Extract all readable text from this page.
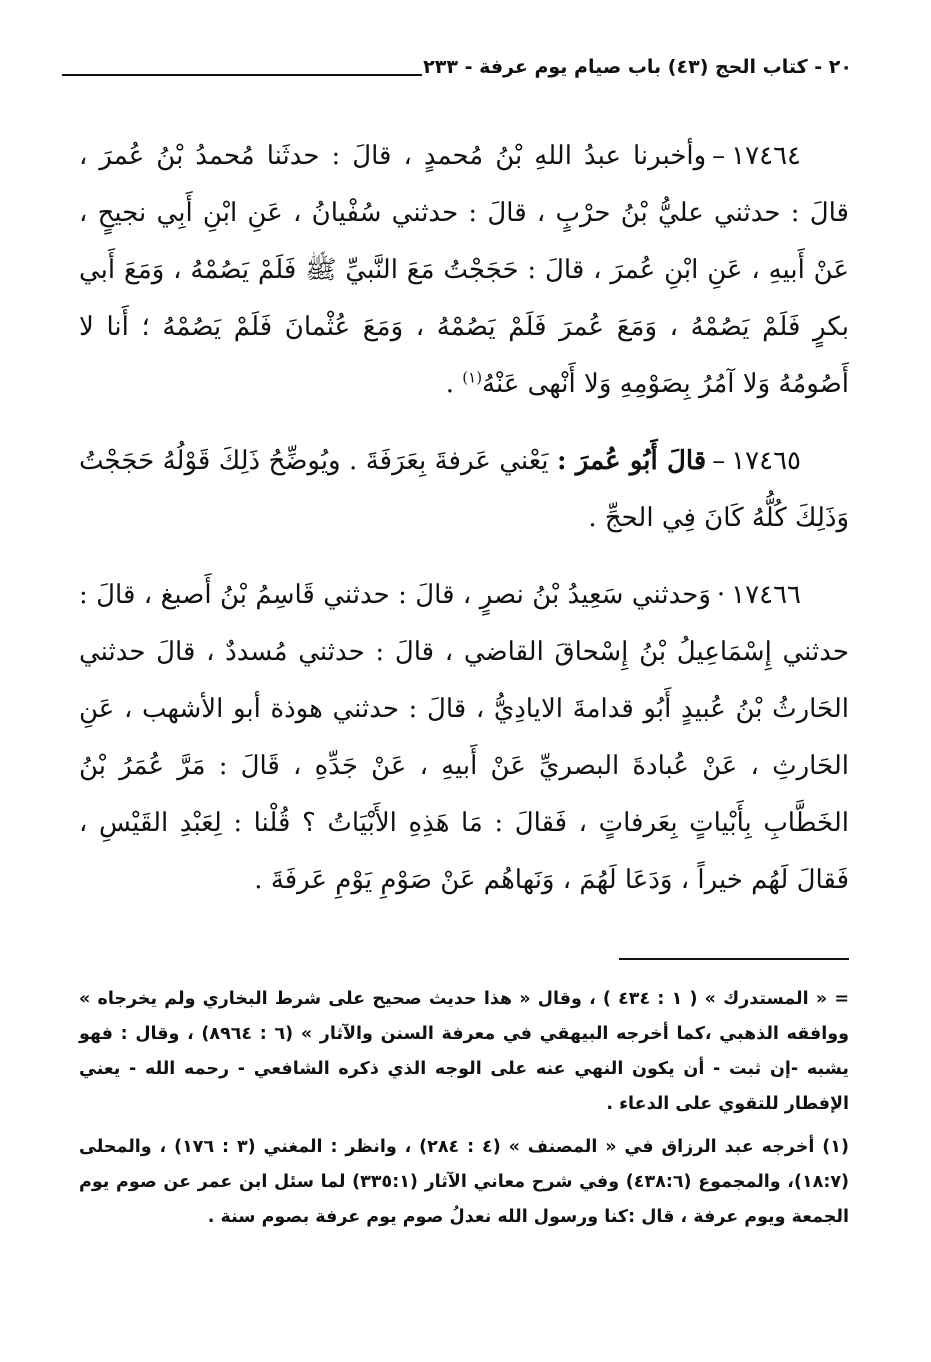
٢٠ - كتاب الحج (٤٣) باب صيام يوم عرفة - ٢٣٣

١٧٤٦٤–وأخبرنا عبدُ اللهِ بْنُ مُحمدٍ ، قالَ : حدثَنا مُحمدُ بْنُ عُمرَ ، قالَ : حدثني عليُّ بْنُ حرْبٍ ، قالَ : حدثني سُفْيانُ ، عَنِ ابْنِ أَبِي نجيحٍ ، عَنْ أَبيهِ ، عَنِ ابْنِ عُمرَ ، قالَ : حَجَجْتُ مَعَ النَّبيِّ ﷺ فَلَمْ يَصُمْهُ ، وَمَعَ أَبي بكرٍ فَلَمْ يَصُمْهُ ، وَمَعَ عُمرَ فَلَمْ يَصُمْهُ ، وَمَعَ عُثْمانَ فَلَمْ يَصُمْهُ ؛ أَنا لا أَصُومُهُ وَلا آمُرُ بِصَوْمِهِ وَلا أَنْهى عَنْهُ$^{(١)}$ .

١٧٤٦٥–قالَ أَبُو عُمرَ : يَعْني عَرفةَ بِعَرَفَةَ . ويُوضِّحُ ذَلِكَ قَوْلُهُ حَجَجْتُ وَذَلِكَ كُلُّهُ كَانَ فِي الحجِّ .

١٧٤٦٦·وَحدثني سَعِيدُ بْنُ نصرٍ ، قالَ : حدثني قَاسِمُ بْنُ أَصبغ ، قالَ : حدثني إِسْمَاعِيلُ بْنُ إِسْحاقَ القاضي ، قالَ : حدثني مُسددٌ ، قالَ حدثني الحَارثُ بْنُ عُبيدٍ أَبُو قدامةَ الايادِيُّ ، قالَ : حدثني هوذة أبو الأشهب ، عَنِ الحَارثِ ، عَنْ عُبادةَ البصريِّ عَنْ أَبيهِ ، عَنْ جَدِّهِ ، قَالَ : مَرَّ عُمَرُ بْنُ الخَطَّابِ بِأَبْياتٍ بِعَرفاتٍ ، فَقالَ : مَا هَذِهِ الأَبْيَاتُ ؟ قُلْنا : لِعَبْدِ القَيْسِ ، فَقالَ لَهُم خيراً ، وَدَعَا لَهُمَ ، وَنَهاهُم عَنْ صَوْمِ يَوْمِ عَرفَةَ .

= « المستدرك » ( ١ : ٤٣٤ ) ، وقال « هذا حديث صحيح على شرط البخاري ولم يخرجاه » ووافقه الذهبي ،كما أخرجه البيهقي في معرفة السنن والآثار » (٦ : ٨٩٦٤) ، وقال : فهو يشبه -إن ثبت - أن يكون النهي عنه على الوجه الذي ذكره الشافعي - رحمه الله - يعني الإفطار للتقوي على الدعاء .

(١) أخرجه عبد الرزاق في « المصنف » (٤ : ٢٨٤) ، وانظر : المغني (٣ : ١٧٦) ، والمحلى (١٨:٧)، والمجموع (٤٣٨:٦) وفي شرح معاني الآثار (٣٣٥:١) لما سئل ابن عمر عن صوم يوم الجمعة ويوم عرفة ، قال :كنا ورسول الله نعدلُ صوم يوم عرفة بصوم سنة .
